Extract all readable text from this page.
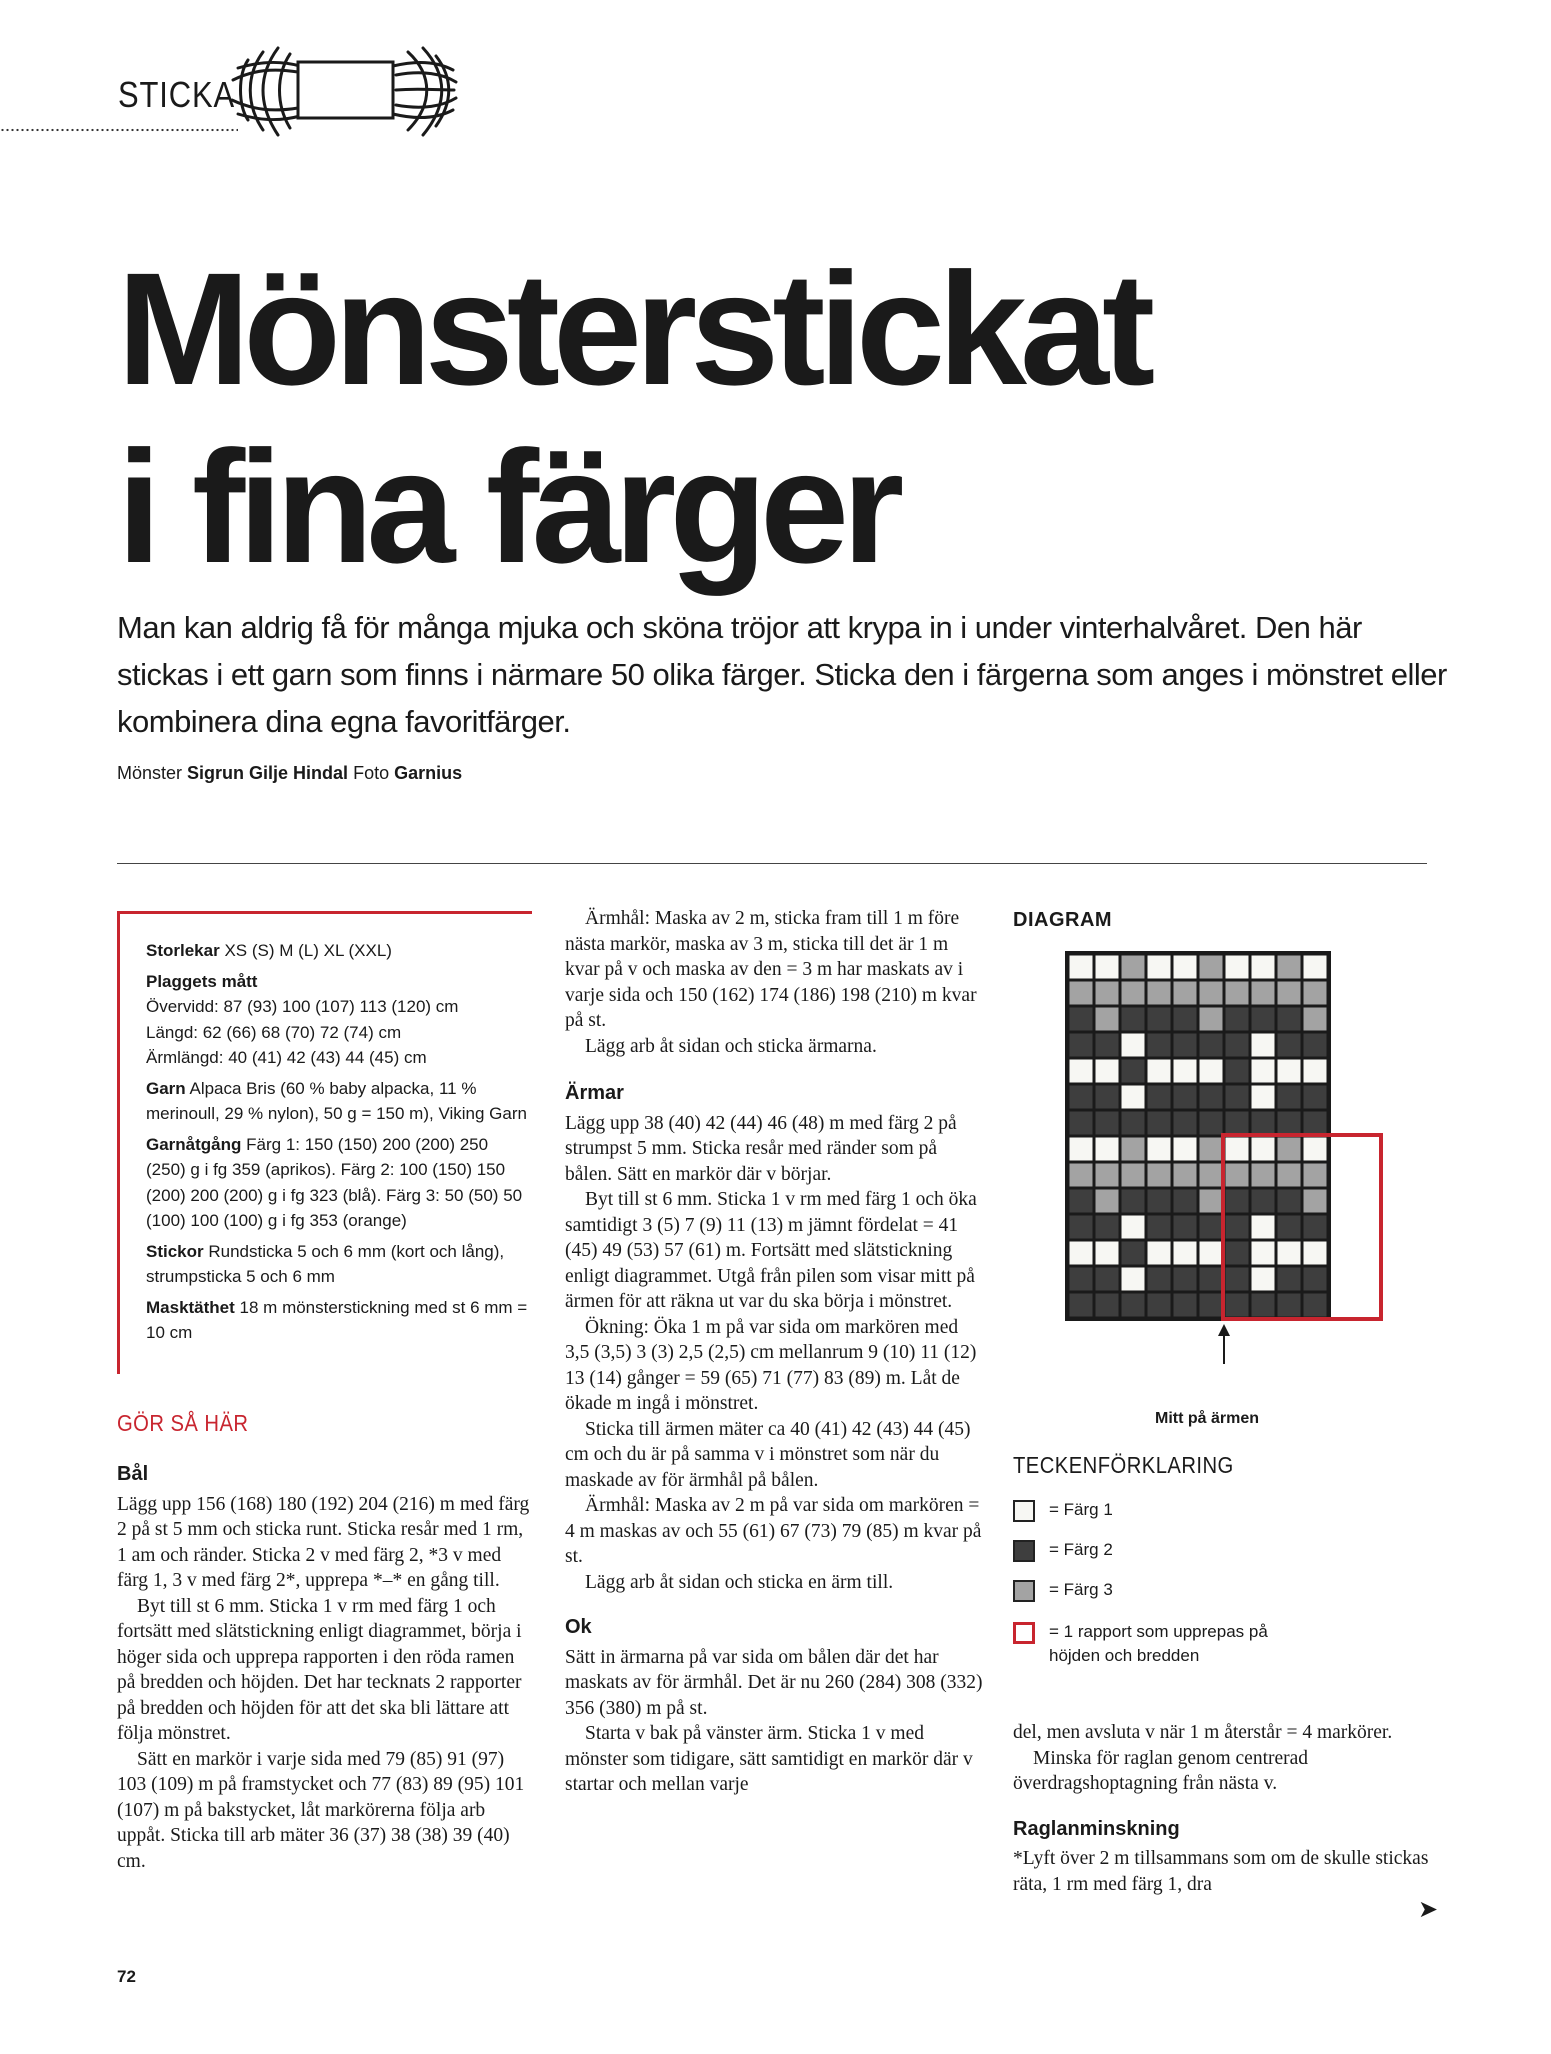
STICKA
Mönsterstickat
i fina färger
Man kan aldrig få för många mjuka och sköna tröjor att krypa in i under vinterhalvåret. Den här stickas i ett garn som finns i närmare 50 olika färger. Sticka den i färgerna som anges i mönstret eller kombinera dina egna favoritfärger.
Mönster Sigrun Gilje Hindal Foto Garnius
Storlekar XS (S) M (L) XL (XXL)
Plaggets mått
Övervidd: 87 (93) 100 (107) 113 (120) cm
Längd: 62 (66) 68 (70) 72 (74) cm
Ärmlängd: 40 (41) 42 (43) 44 (45) cm
Garn Alpaca Bris (60 % baby alpacka, 11 % merinoull, 29 % nylon), 50 g = 150 m), Viking Garn
Garnåtgång Färg 1: 150 (150) 200 (200) 250 (250) g i fg 359 (aprikos). Färg 2: 100 (150) 150 (200) 200 (200) g i fg 323 (blå). Färg 3: 50 (50) 50 (100) 100 (100) g i fg 353 (orange)
Stickor Rundsticka 5 och 6 mm (kort och lång), strumpsticka 5 och 6 mm
Masktäthet 18 m mönsterstickning med st 6 mm = 10 cm
GÖR SÅ HÄR
Bål

Lägg upp 156 (168) 180 (192) 204 (216) m med färg 2 på st 5 mm och sticka runt. Sticka resår med 1 rm, 1 am och ränder. Sticka 2 v med färg 2, *3 v med färg 1, 3 v med färg 2*, upprepa *–* en gång till.

Byt till st 6 mm. Sticka 1 v rm med färg 1 och fortsätt med slätstickning enligt diagrammet, börja i höger sida och upprepa rapporten i den röda ramen på bredden och höjden. Det har tecknats 2 rapporter på bredden och höjden för att det ska bli lättare att följa mönstret.

Sätt en markör i varje sida med 79 (85) 91 (97) 103 (109) m på framstycket och 77 (83) 89 (95) 101 (107) m på bakstycket, låt markörerna följa arb uppåt. Sticka till arb mäter 36 (37) 38 (38) 39 (40) cm.

Ärmhål: Maska av 2 m, sticka fram till 1 m före nästa markör, maska av 3 m, sticka till det är 1 m kvar på v och maska av den = 3 m har maskats av i varje sida och 150 (162) 174 (186) 198 (210) m kvar på st.

Lägg arb åt sidan och sticka ärmarna.

Ärmar

Lägg upp 38 (40) 42 (44) 46 (48) m med färg 2 på strumpst 5 mm. Sticka resår med ränder som på bålen. Sätt en markör där v börjar.

Byt till st 6 mm. Sticka 1 v rm med färg 1 och öka samtidigt 3 (5) 7 (9) 11 (13) m jämnt fördelat = 41 (45) 49 (53) 57 (61) m. Fortsätt med slätstickning enligt diagrammet. Utgå från pilen som visar mitt på ärmen för att räkna ut var du ska börja i mönstret.

Ökning: Öka 1 m på var sida om markören med 3,5 (3,5) 3 (3) 2,5 (2,5) cm mellanrum 9 (10) 11 (12) 13 (14) gånger = 59 (65) 71 (77) 83 (89) m. Låt de ökade m ingå i mönstret.

Sticka till ärmen mäter ca 40 (41) 42 (43) 44 (45) cm och du är på samma v i mönstret som när du maskade av för ärmhål på bålen.

Ärmhål: Maska av 2 m på var sida om markören = 4 m maskas av och 55 (61) 67 (73) 79 (85) m kvar på st.

Lägg arb åt sidan och sticka en ärm till.

Ok

Sätt in ärmarna på var sida om bålen där det har maskats av för ärmhål. Det är nu 260 (284) 308 (332) 356 (380) m på st.

Starta v bak på vänster ärm. Sticka 1 v med mönster som tidigare, sätt samtidigt en markör där v startar och mellan varje

DIAGRAM
Mitt på ärmen
TECKENFÖRKLARING
= Färg 1
= Färg 2
= Färg 3
= 1 rapport som upprepas på höjden och bredden

del, men avsluta v när 1 m återstår = 4 markörer.

Minska för raglan genom centrerad överdragshoptagning från nästa v.

Raglanminskning

*Lyft över 2 m tillsammans som om de skulle stickas räta, 1 rm med färg 1, dra

72
➤
